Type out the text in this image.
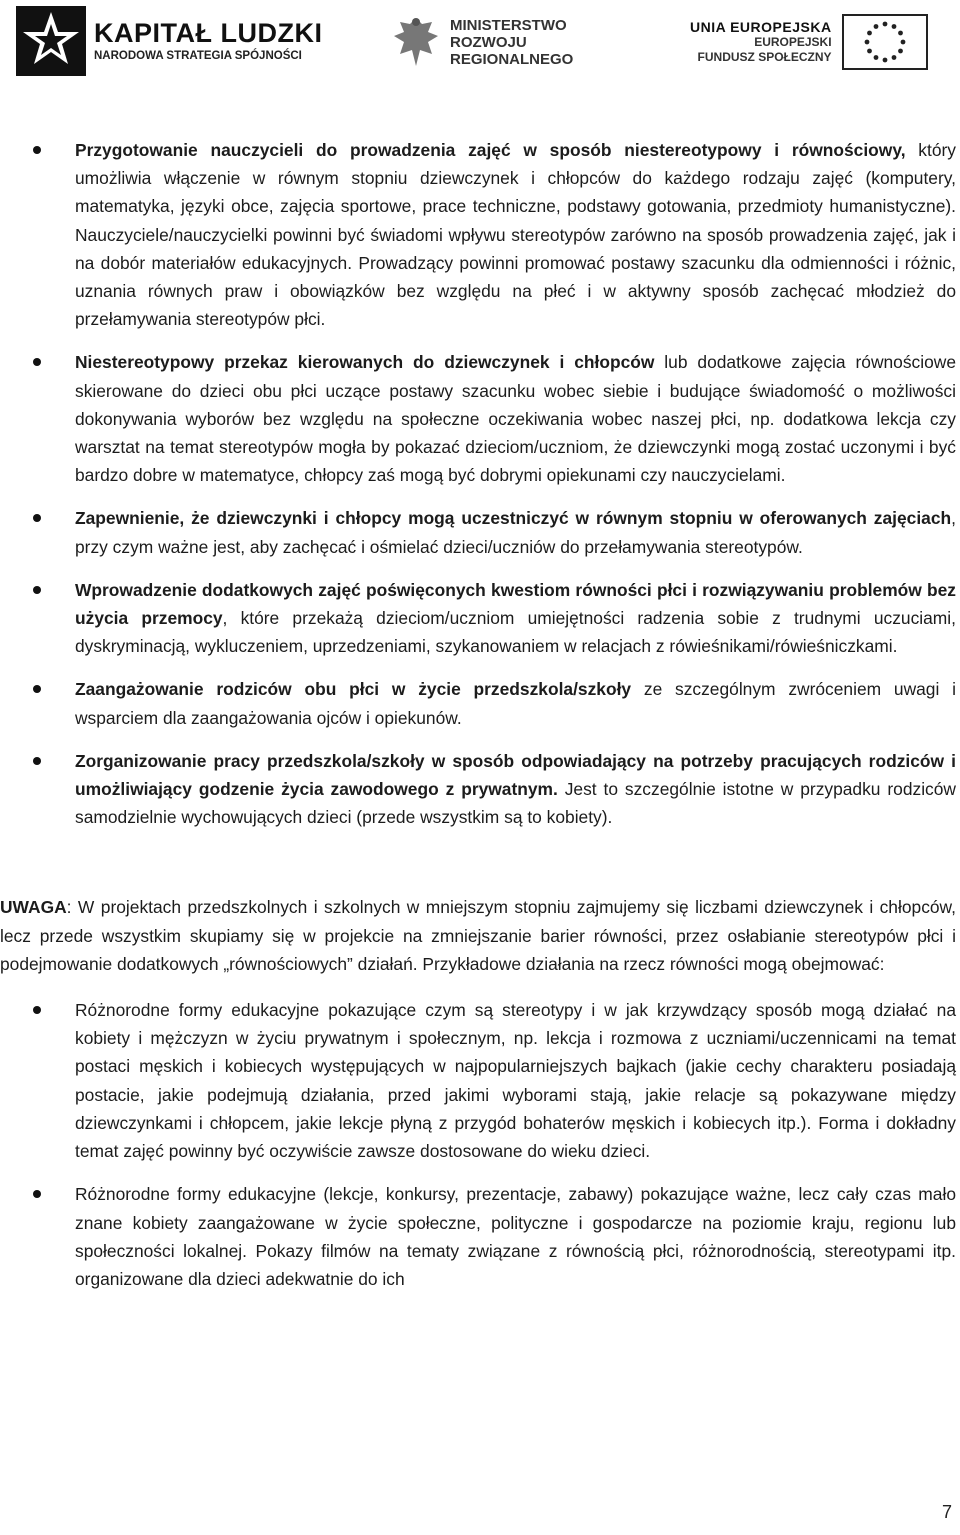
KAPITAŁ LUDZKI
NARODOWA STRATEGIA SPÓJNOŚCI
MINISTERSTWO
ROZWOJU
REGIONALNEGO
UNIA EUROPEJSKA
EUROPEJSKI
FUNDUSZ SPOŁECZNY
Przygotowanie nauczycieli do prowadzenia zajęć w sposób niestereotypowy i równościowy, który umożliwia włączenie w równym stopniu dziewczynek i chłopców do każdego rodzaju zajęć (komputery, matematyka, języki obce, zajęcia sportowe, prace techniczne, podstawy gotowania, przedmioty humanistyczne). Nauczyciele/nauczycielki powinni być świadomi wpływu stereotypów zarówno na sposób prowadzenia zajęć, jak i na dobór materiałów edukacyjnych. Prowadzący powinni promować postawy szacunku dla odmienności i różnic, uznania równych praw i obowiązków bez względu na płeć i w aktywny sposób zachęcać młodzież do przełamywania stereotypów płci.
Niestereotypowy przekaz kierowanych do dziewczynek i chłopców lub dodatkowe zajęcia równościowe skierowane do dzieci obu płci uczące postawy szacunku wobec siebie i budujące świadomość o możliwości dokonywania wyborów bez względu na społeczne oczekiwania wobec naszej płci, np. dodatkowa lekcja czy warsztat na temat stereotypów mogła by pokazać dzieciom/uczniom, że dziewczynki mogą zostać uczonymi i być bardzo dobre w matematyce, chłopcy zaś mogą być dobrymi opiekunami czy nauczycielami.
Zapewnienie, że dziewczynki i chłopcy mogą uczestniczyć w równym stopniu w oferowanych zajęciach, przy czym ważne jest, aby zachęcać i ośmielać dzieci/uczniów do przełamywania stereotypów.
Wprowadzenie dodatkowych zajęć poświęconych kwestiom równości płci i rozwiązywaniu problemów bez użycia przemocy, które przekażą dzieciom/uczniom umiejętności radzenia sobie z trudnymi uczuciami, dyskryminacją, wykluczeniem, uprzedzeniami, szykanowaniem w relacjach z rówieśnikami/rówieśniczkami.
Zaangażowanie rodziców obu płci w życie przedszkola/szkoły ze szczególnym zwróceniem uwagi i wsparciem dla zaangażowania ojców i opiekunów.
Zorganizowanie pracy przedszkola/szkoły w sposób odpowiadający na potrzeby pracujących rodziców i umożliwiający godzenie życia zawodowego z prywatnym. Jest to szczególnie istotne w przypadku rodziców samodzielnie wychowujących dzieci (przede wszystkim są to kobiety).

UWAGA: W projektach przedszkolnych i szkolnych w mniejszym stopniu zajmujemy się liczbami dziewczynek i chłopców, lecz przede wszystkim skupiamy się w projekcie na zmniejszanie barier równości, przez osłabianie stereotypów płci i podejmowanie dodatkowych „równościowych” działań. Przykładowe działania na rzecz równości mogą obejmować:

Różnorodne formy edukacyjne pokazujące czym są stereotypy i w jak krzywdzący sposób mogą działać na kobiety i mężczyzn w życiu prywatnym i społecznym, np. lekcja i rozmowa z uczniami/uczennicami na temat postaci męskich i kobiecych występujących w najpopularniejszych bajkach (jakie cechy charakteru posiadają postacie, jakie podejmują działania, przed jakimi wyborami stają, jakie relacje są pokazywane między dziewczynkami i chłopcem, jakie lekcje płyną z przygód bohaterów męskich i kobiecych itp.). Forma i dokładny temat zajęć powinny być oczywiście zawsze dostosowane do wieku dzieci.
Różnorodne formy edukacyjne (lekcje, konkursy, prezentacje, zabawy) pokazujące ważne, lecz cały czas mało znane kobiety zaangażowane w życie społeczne, polityczne i gospodarcze na poziomie kraju, regionu lub społeczności lokalnej. Pokazy filmów na tematy związane z równością płci, różnorodnością, stereotypami itp. organizowane dla dzieci adekwatnie do ich
7
